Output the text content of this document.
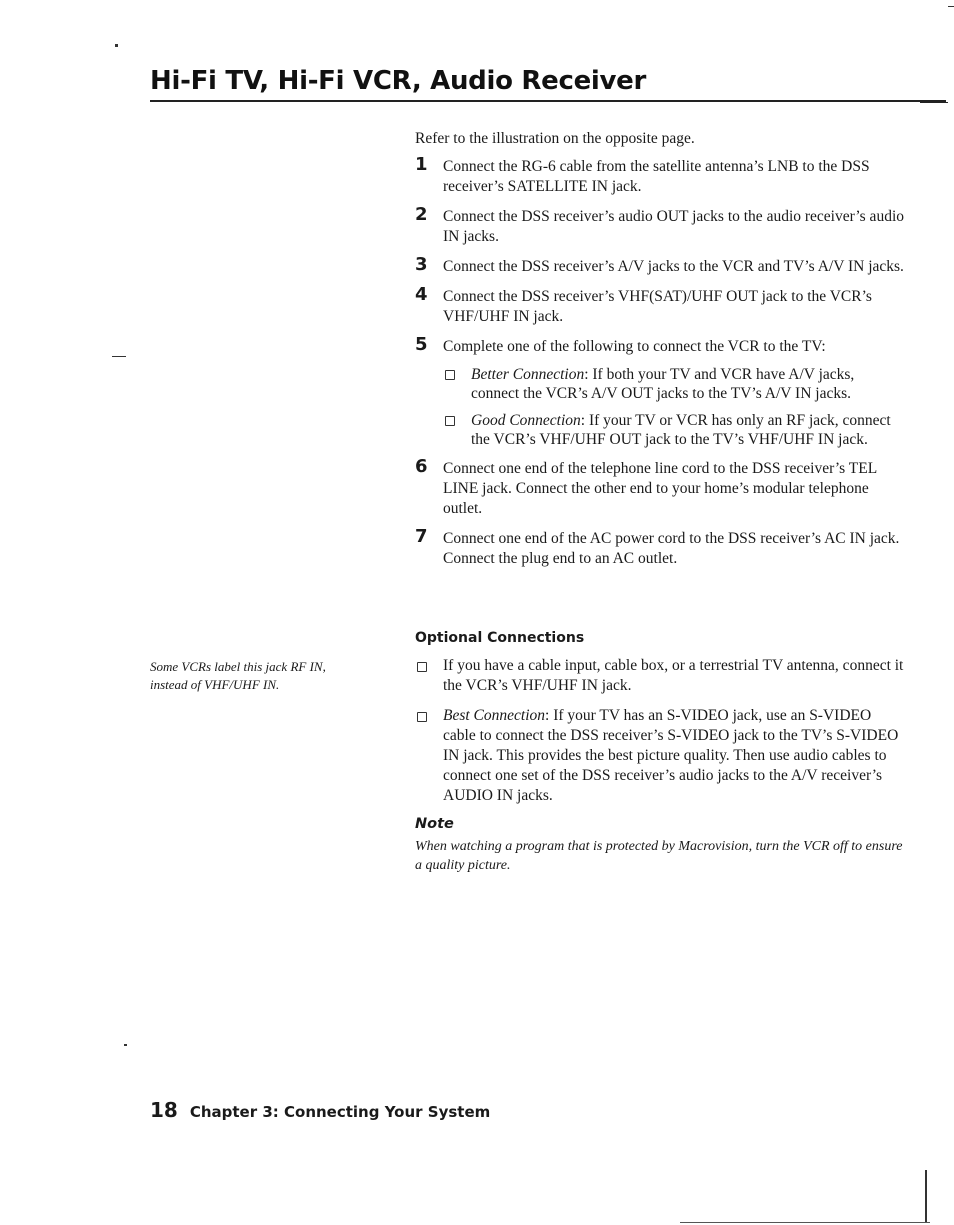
Hi-Fi TV, Hi-Fi VCR, Audio Receiver

Refer to the illustration on the opposite page.

1 Connect the RG-6 cable from the satellite antenna’s LNB to the DSS receiver’s SATELLITE IN jack.
2 Connect the DSS receiver’s audio OUT jacks to the audio receiver’s audio IN jacks.
3 Connect the DSS receiver’s A/V jacks to the VCR and TV’s A/V IN jacks.
4 Connect the DSS receiver’s VHF(SAT)/UHF OUT jack to the VCR’s VHF/UHF IN jack.
5 Complete one of the following to connect the VCR to the TV:
Better Connection: If both your TV and VCR have A/V jacks, connect the VCR’s A/V OUT jacks to the TV’s A/V IN jacks.
Good Connection: If your TV or VCR has only an RF jack, connect the VCR’s VHF/UHF OUT jack to the TV’s VHF/UHF IN jack.
6 Connect one end of the telephone line cord to the DSS receiver’s TEL LINE jack. Connect the other end to your home’s modular telephone outlet.
7 Connect one end of the AC power cord to the DSS receiver’s AC IN jack. Connect the plug end to an AC outlet.
Optional Connections
If you have a cable input, cable box, or a terrestrial TV antenna, connect it the VCR’s VHF/UHF IN jack.
Best Connection: If your TV has an S-VIDEO jack, use an S-VIDEO cable to connect the DSS receiver’s S-VIDEO jack to the TV’s S-VIDEO IN jack. This provides the best picture quality. Then use audio cables to connect one set of the DSS receiver’s audio jacks to the A/V receiver’s AUDIO IN jacks.
Note

When watching a program that is protected by Macrovision, turn the VCR off to ensure a quality picture.

Some VCRs label this jack RF IN, instead of VHF/UHF IN.

18 Chapter 3: Connecting Your System
